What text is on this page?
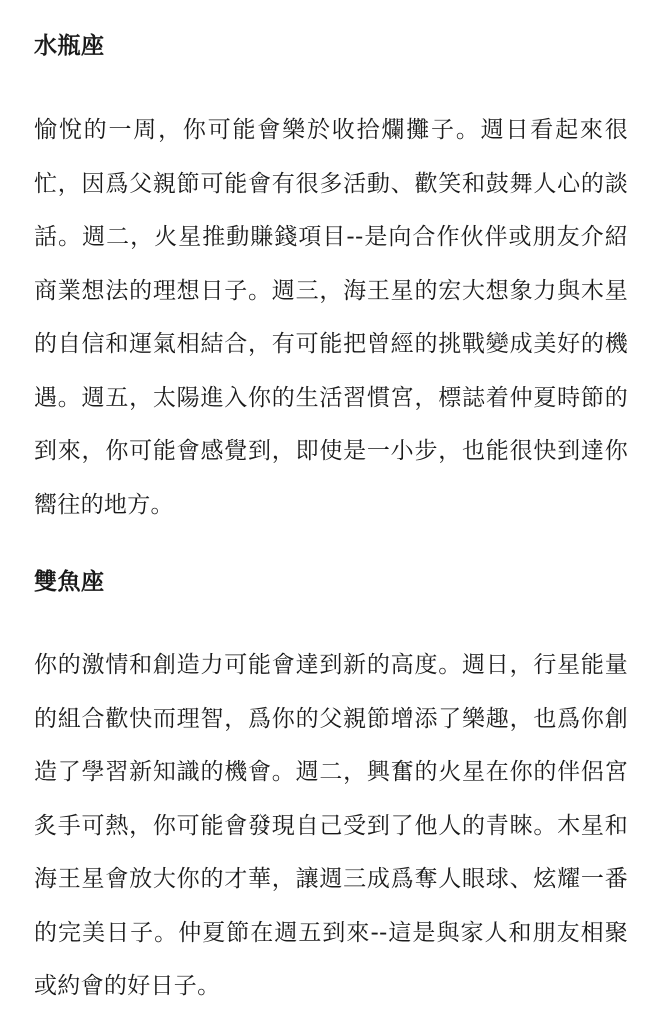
水瓶座

愉悅的一周，你可能會樂於收拾爛攤子。週日看起來很忙，因爲父親節可能會有很多活動、歡笑和鼓舞人心的談話。週二，火星推動賺錢項目--是向合作伙伴或朋友介紹商業想法的理想日子。週三，海王星的宏大想象力與木星的自信和運氣相結合，有可能把曾經的挑戰變成美好的機遇。週五，太陽進入你的生活習慣宮，標誌着仲夏時節的到來，你可能會感覺到，即使是一小步，也能很快到達你嚮往的地方。

雙魚座

你的激情和創造力可能會達到新的高度。週日，行星能量的組合歡快而理智，爲你的父親節增添了樂趣，也爲你創造了學習新知識的機會。週二，興奮的火星在你的伴侶宮炙手可熱，你可能會發現自己受到了他人的青睞。木星和海王星會放大你的才華，讓週三成爲奪人眼球、炫耀一番的完美日子。仲夏節在週五到來--這是與家人和朋友相聚或約會的好日子。
